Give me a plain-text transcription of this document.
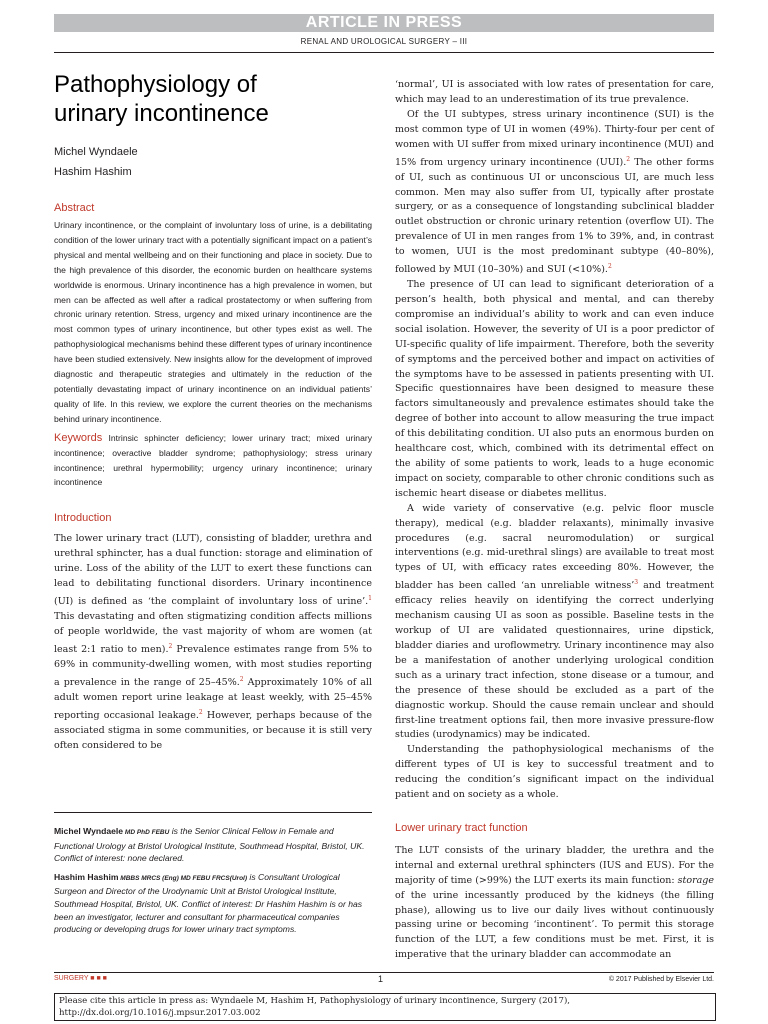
ARTICLE IN PRESS
RENAL AND UROLOGICAL SURGERY – III
Pathophysiology of
urinary incontinence
Michel Wyndaele
Hashim Hashim
Abstract
Urinary incontinence, or the complaint of involuntary loss of urine, is a debilitating condition of the lower urinary tract with a potentially significant impact on a patient’s physical and mental wellbeing and on their functioning and place in society. Due to the high prevalence of this disorder, the economic burden on healthcare systems worldwide is enormous. Urinary incontinence has a high prevalence in women, but men can be affected as well after a radical prostatectomy or when suffering from chronic urinary retention. Stress, urgency and mixed urinary incontinence are the most common types of urinary incontinence, but other types exist as well. The pathophysiological mechanisms behind these different types of urinary incontinence have been studied extensively. New insights allow for the development of improved diagnostic and therapeutic strategies and ultimately in the reduction of the potentially devastating impact of urinary incontinence on an individual patients’ quality of life. In this review, we explore the current theories on the mechanisms behind urinary incontinence.
Keywords Intrinsic sphincter deficiency; lower urinary tract; mixed urinary incontinence; overactive bladder syndrome; pathophysiology; stress urinary incontinence; urethral hypermobility; urgency urinary incontinence; urinary incontinence
Introduction

The lower urinary tract (LUT), consisting of bladder, urethra and urethral sphincter, has a dual function: storage and elimination of urine. Loss of the ability of the LUT to exert these functions can lead to debilitating functional disorders. Urinary incontinence (UI) is defined as ‘the complaint of involuntary loss of urine’.$^1$ This devastating and often stigmatizing condition affects millions of people worldwide, the vast majority of whom are women (at least 2:1 ratio to men).$^2$ Prevalence estimates range from 5% to 69% in community-dwelling women, with most studies reporting a prevalence in the range of 25–45%.$^2$ Approximately 10% of all adult women report urine leakage at least weekly, with 25–45% reporting occasional leakage.$^2$ However, perhaps because of the associated stigma in some communities, or because it is still very often considered to be

‘normal’, UI is associated with low rates of presentation for care, which may lead to an underestimation of its true prevalence.

Of the UI subtypes, stress urinary incontinence (SUI) is the most common type of UI in women (49%). Thirty-four per cent of women with UI suffer from mixed urinary incontinence (MUI) and 15% from urgency urinary incontinence (UUI).$^2$ The other forms of UI, such as continuous UI or unconscious UI, are much less common. Men may also suffer from UI, typically after prostate surgery, or as a consequence of longstanding subclinical bladder outlet obstruction or chronic urinary retention (overflow UI). The prevalence of UI in men ranges from 1% to 39%, and, in contrast to women, UUI is the most predominant subtype (40–80%), followed by MUI (10–30%) and SUI (<10%).$^2$

The presence of UI can lead to significant deterioration of a person’s health, both physical and mental, and can thereby compromise an individual’s ability to work and can even induce social isolation. However, the severity of UI is a poor predictor of UI-specific quality of life impairment. Therefore, both the severity of symptoms and the perceived bother and impact on activities of the symptoms have to be assessed in patients presenting with UI. Specific questionnaires have been designed to measure these factors simultaneously and prevalence estimates should take the degree of bother into account to allow measuring the true impact of this debilitating condition. UI also puts an enormous burden on healthcare cost, which, combined with its detrimental effect on the ability of some patients to work, leads to a huge economic impact on society, comparable to other chronic conditions such as ischemic heart disease or diabetes mellitus.

A wide variety of conservative (e.g. pelvic floor muscle therapy), medical (e.g. bladder relaxants), minimally invasive procedures (e.g. sacral neuromodulation) or surgical interventions (e.g. mid-urethral slings) are available to treat most types of UI, with efficacy rates exceeding 80%. However, the bladder has been called ‘an unreliable witness’$^3$ and treatment efficacy relies heavily on identifying the correct underlying mechanism causing UI as soon as possible. Baseline tests in the workup of UI are validated questionnaires, urine dipstick, bladder diaries and uroflowmetry. Urinary incontinence may also be a manifestation of another underlying urological condition such as a urinary tract infection, stone disease or a tumour, and the presence of these should be excluded as a part of the diagnostic workup. Should the cause remain unclear and should first-line treatment options fail, then more invasive pressure-flow studies (urodynamics) may be indicated.

Understanding the pathophysiological mechanisms of the different types of UI is key to successful treatment and to reducing the condition’s significant impact on the individual patient and on society as a whole.

Lower urinary tract function

The LUT consists of the urinary bladder, the urethra and the internal and external urethral sphincters (IUS and EUS). For the majority of time (>99%) the LUT exerts its main function: storage of the urine incessantly produced by the kidneys (the filling phase), allowing us to live our daily lives without continuously passing urine or becoming ‘incontinent’. To permit this storage function of the LUT, a few conditions must be met. First, it is imperative that the urinary bladder can accommodate an

Michel Wyndaele MD PhD FEBU is the Senior Clinical Fellow in Female and Functional Urology at Bristol Urological Institute, Southmead Hospital, Bristol, UK. Conflict of interest: none declared.

Hashim Hashim MBBS MRCS (Eng) MD FEBU FRCS(Urol) is Consultant Urological Surgeon and Director of the Urodynamic Unit at Bristol Urological Institute, Southmead Hospital, Bristol, UK. Conflict of interest: Dr Hashim Hashim is or has been an investigator, lecturer and consultant for pharmaceutical companies producing or developing drugs for lower urinary tract symptoms.

SURGERY ■ ■ ■	1	© 2017 Published by Elsevier Ltd.
Please cite this article in press as: Wyndaele M, Hashim H, Pathophysiology of urinary incontinence, Surgery (2017), http://dx.doi.org/10.1016/j.mpsur.2017.03.002
